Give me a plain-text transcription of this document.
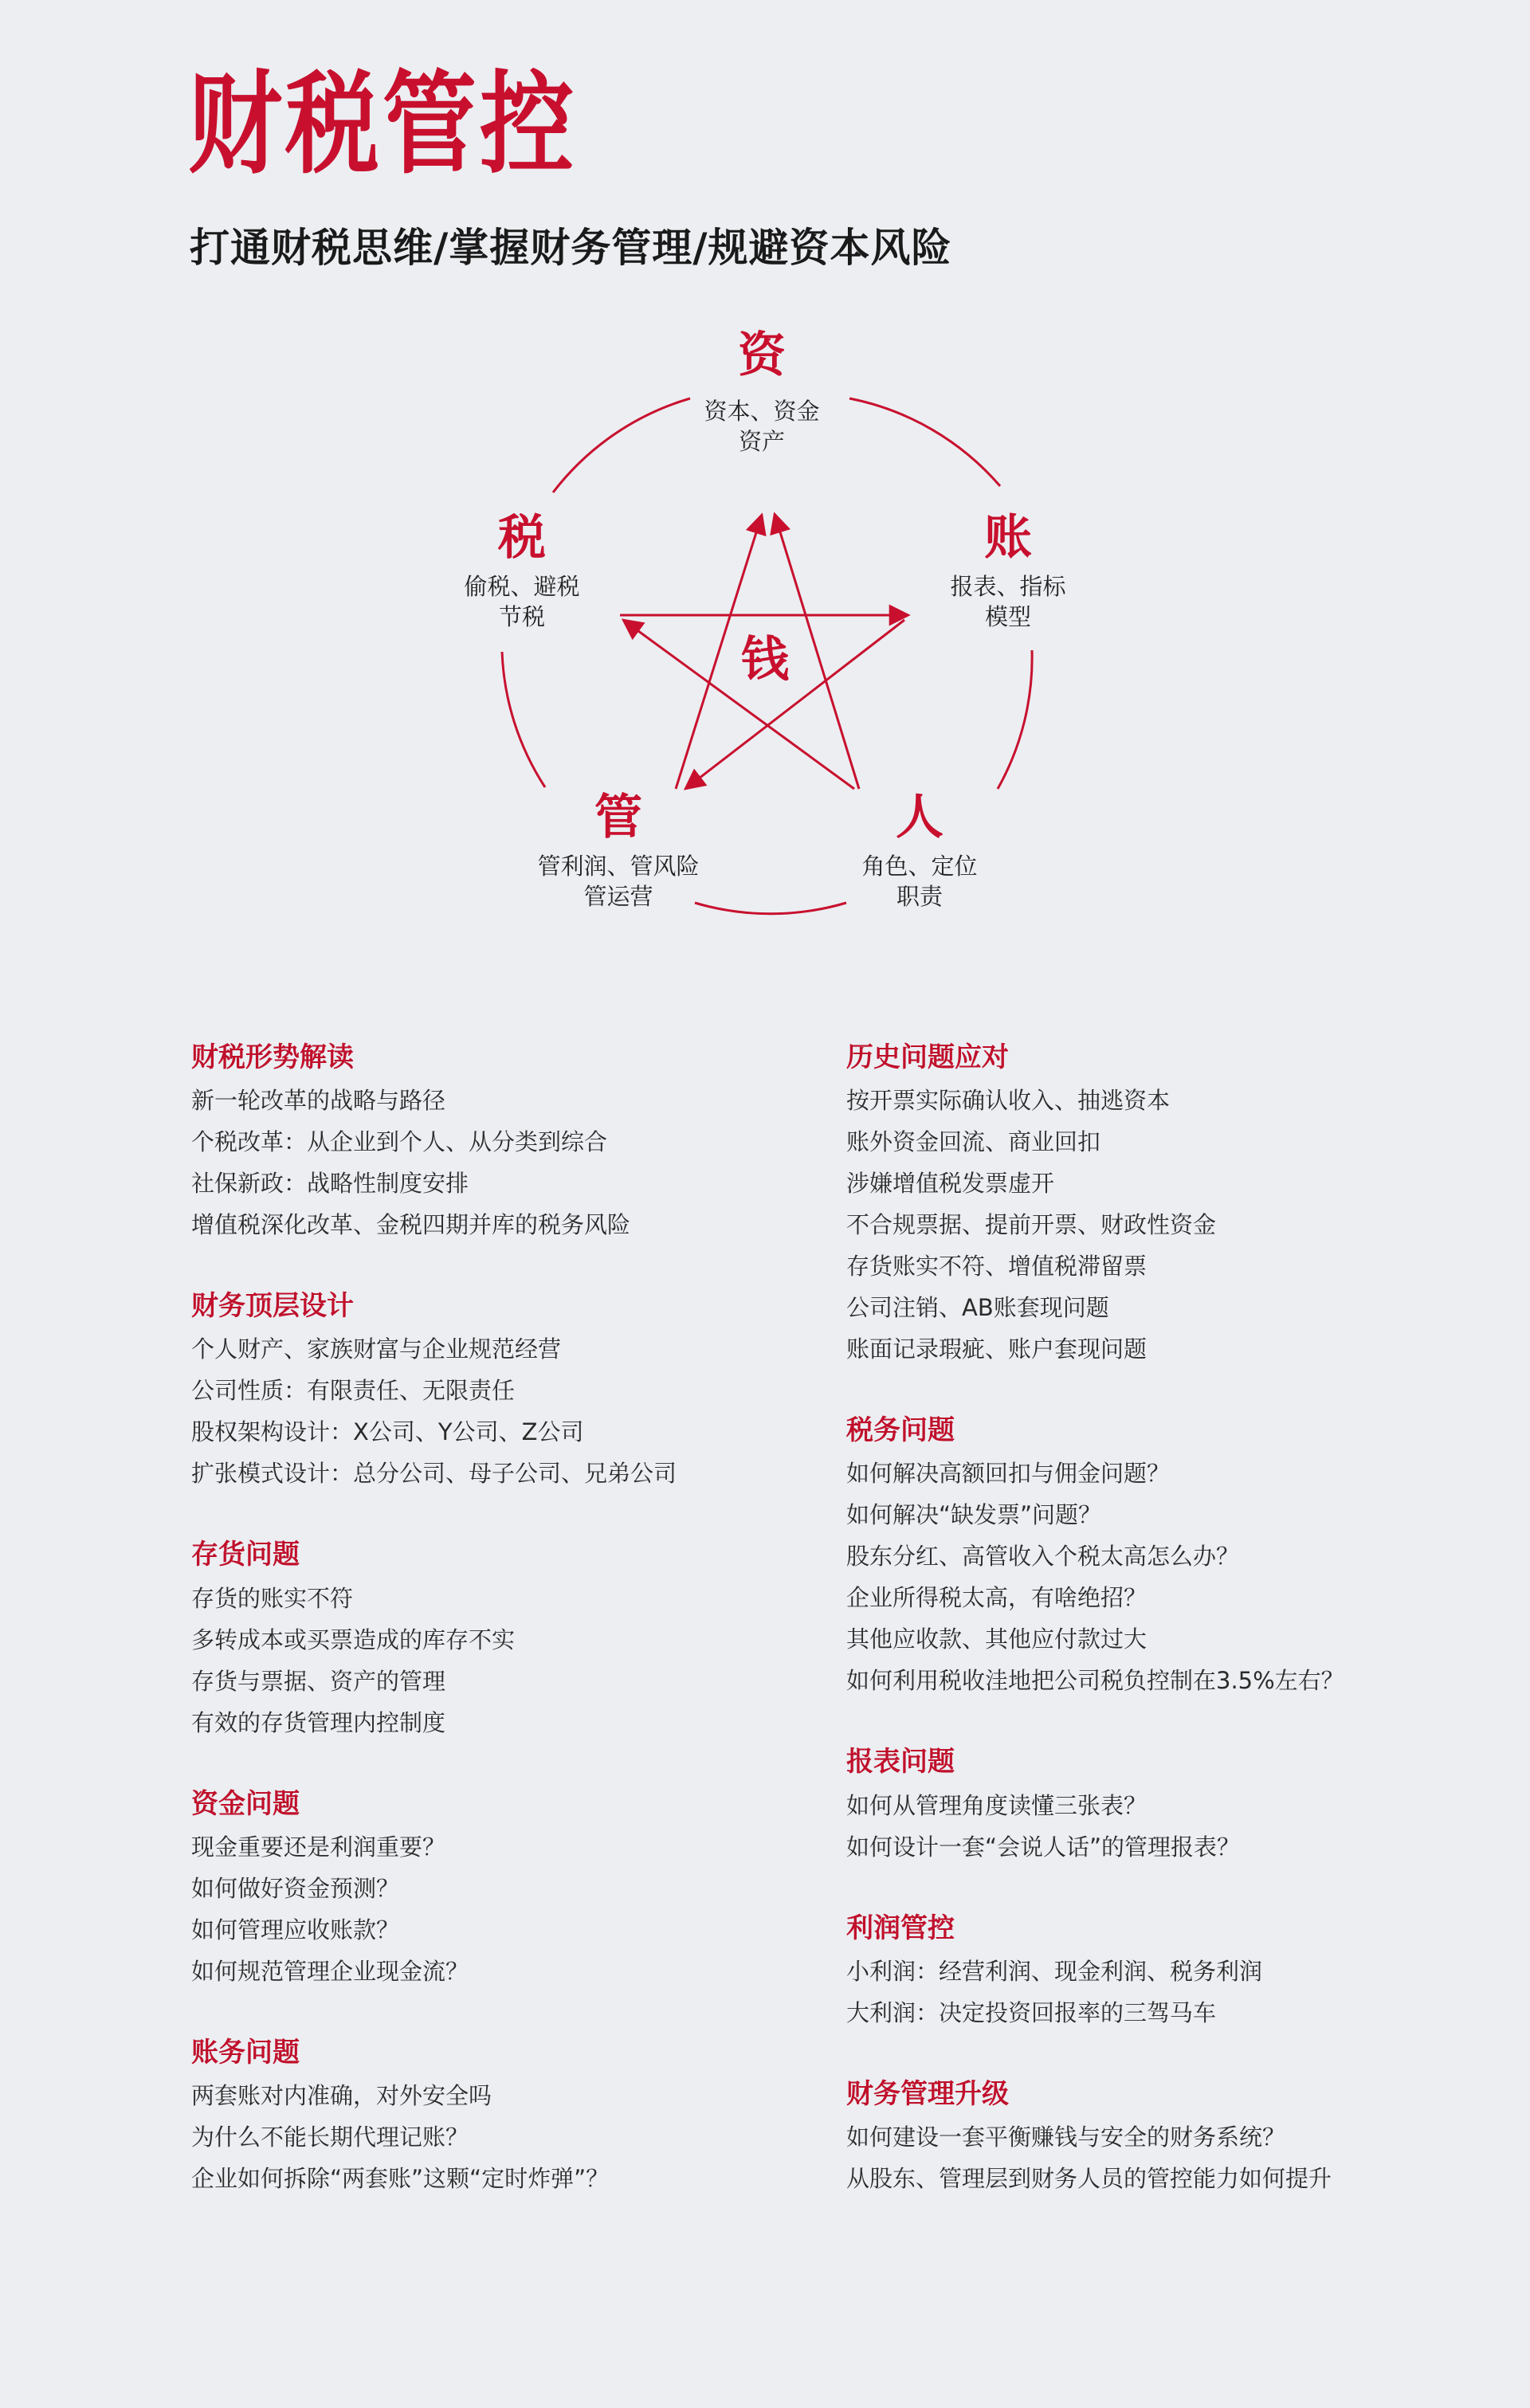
财税管控
打通财税思维/掌握财务管理/规避资本风险
钱
资
资本、资金
资产
账
报表、指标
模型
人
角色、定位
职责
管
管利润、管风险
管运营
税
偷税、避税
节税
财税形势解读
新一轮改革的战略与路径
个税改革：从企业到个人、从分类到综合
社保新政：战略性制度安排
增值税深化改革、金税四期并库的税务风险
财务顶层设计
个人财产、家族财富与企业规范经营
公司性质：有限责任、无限责任
股权架构设计：X公司、Y公司、Z公司
扩张模式设计：总分公司、母子公司、兄弟公司
存货问题
存货的账实不符
多转成本或买票造成的库存不实
存货与票据、资产的管理
有效的存货管理内控制度
资金问题
现金重要还是利润重要？
如何做好资金预测？
如何管理应收账款？
如何规范管理企业现金流？
账务问题
两套账对内准确，对外安全吗
为什么不能长期代理记账？
企业如何拆除“两套账”这颗“定时炸弹”？
历史问题应对
按开票实际确认收入、抽逃资本
账外资金回流、商业回扣
涉嫌增值税发票虚开
不合规票据、提前开票、财政性资金
存货账实不符、增值税滞留票
公司注销、AB账套现问题
账面记录瑕疵、账户套现问题
税务问题
如何解决高额回扣与佣金问题？
如何解决“缺发票”问题？
股东分红、高管收入个税太高怎么办？
企业所得税太高，有啥绝招？
其他应收款、其他应付款过大
如何利用税收洼地把公司税负控制在3.5%左右？
报表问题
如何从管理角度读懂三张表？
如何设计一套“会说人话”的管理报表？
利润管控
小利润：经营利润、现金利润、税务利润
大利润：决定投资回报率的三驾马车
财务管理升级
如何建设一套平衡赚钱与安全的财务系统？
从股东、管理层到财务人员的管控能力如何提升
